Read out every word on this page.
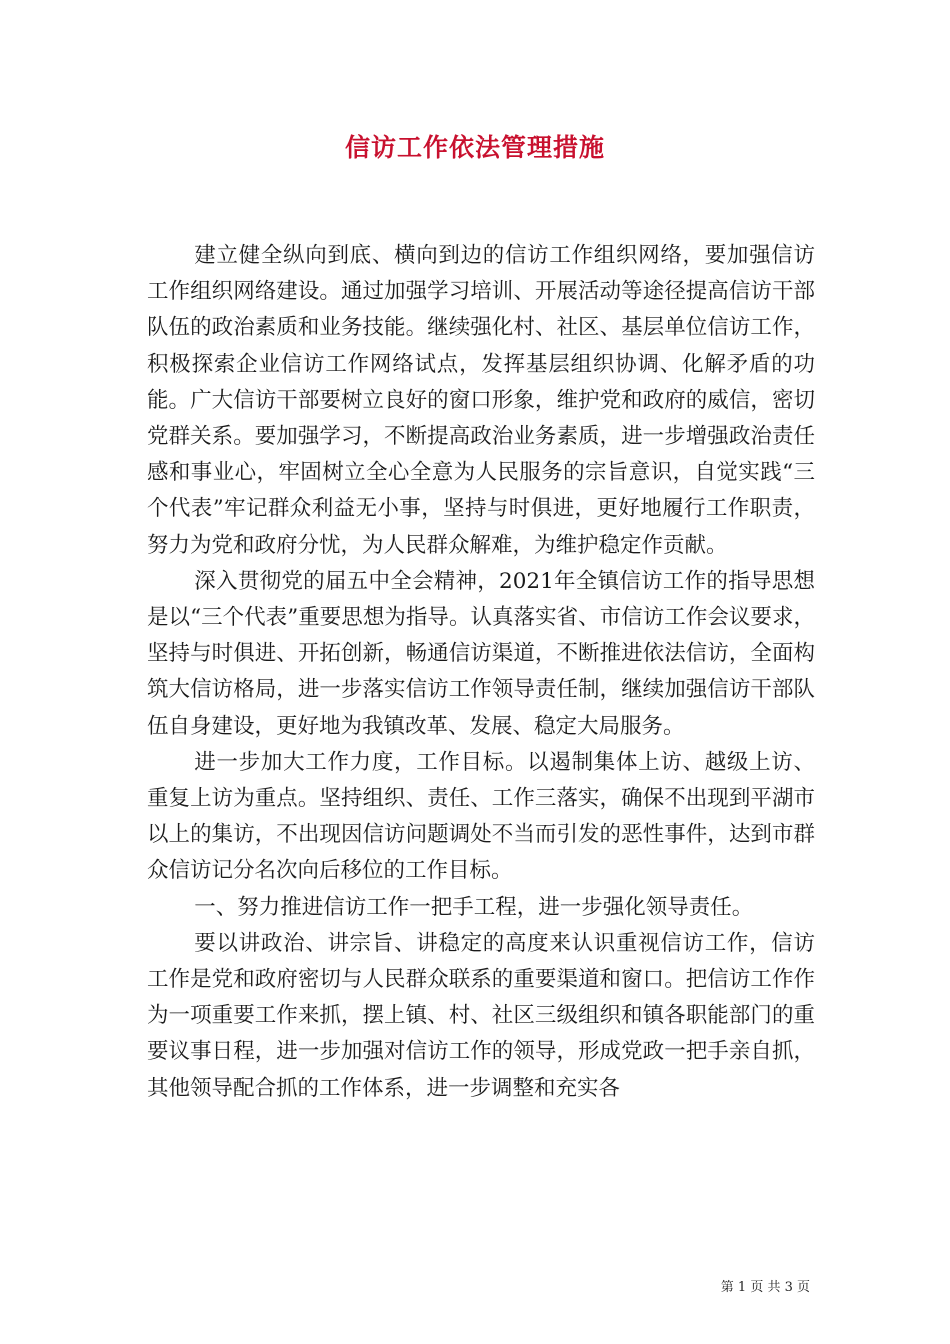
信访工作依法管理措施

建立健全纵向到底、横向到边的信访工作组织网络，要加强信访工作组织网络建设。通过加强学习培训、开展活动等途径提高信访干部队伍的政治素质和业务技能。继续强化村、社区、基层单位信访工作，积极探索企业信访工作网络试点，发挥基层组织协调、化解矛盾的功能。广大信访干部要树立良好的窗口形象，维护党和政府的威信，密切党群关系。要加强学习，不断提高政治业务素质，进一步增强政治责任感和事业心，牢固树立全心全意为人民服务的宗旨意识，自觉实践“三个代表”牢记群众利益无小事，坚持与时俱进，更好地履行工作职责，努力为党和政府分忧，为人民群众解难，为维护稳定作贡献。

深入贯彻党的届五中全会精神，2021年全镇信访工作的指导思想是以“三个代表”重要思想为指导。认真落实省、市信访工作会议要求，坚持与时俱进、开拓创新，畅通信访渠道，不断推进依法信访，全面构筑大信访格局，进一步落实信访工作领导责任制，继续加强信访干部队伍自身建设，更好地为我镇改革、发展、稳定大局服务。

进一步加大工作力度，工作目标。以遏制集体上访、越级上访、重复上访为重点。坚持组织、责任、工作三落实，确保不出现到平湖市以上的集访，不出现因信访问题调处不当而引发的恶性事件，达到市群众信访记分名次向后移位的工作目标。

一、努力推进信访工作一把手工程，进一步强化领导责任。

要以讲政治、讲宗旨、讲稳定的高度来认识重视信访工作，信访工作是党和政府密切与人民群众联系的重要渠道和窗口。把信访工作作为一项重要工作来抓，摆上镇、村、社区三级组织和镇各职能部门的重要议事日程，进一步加强对信访工作的领导，形成党政一把手亲自抓，其他领导配合抓的工作体系，进一步调整和充实各

第 1 页 共 3 页
